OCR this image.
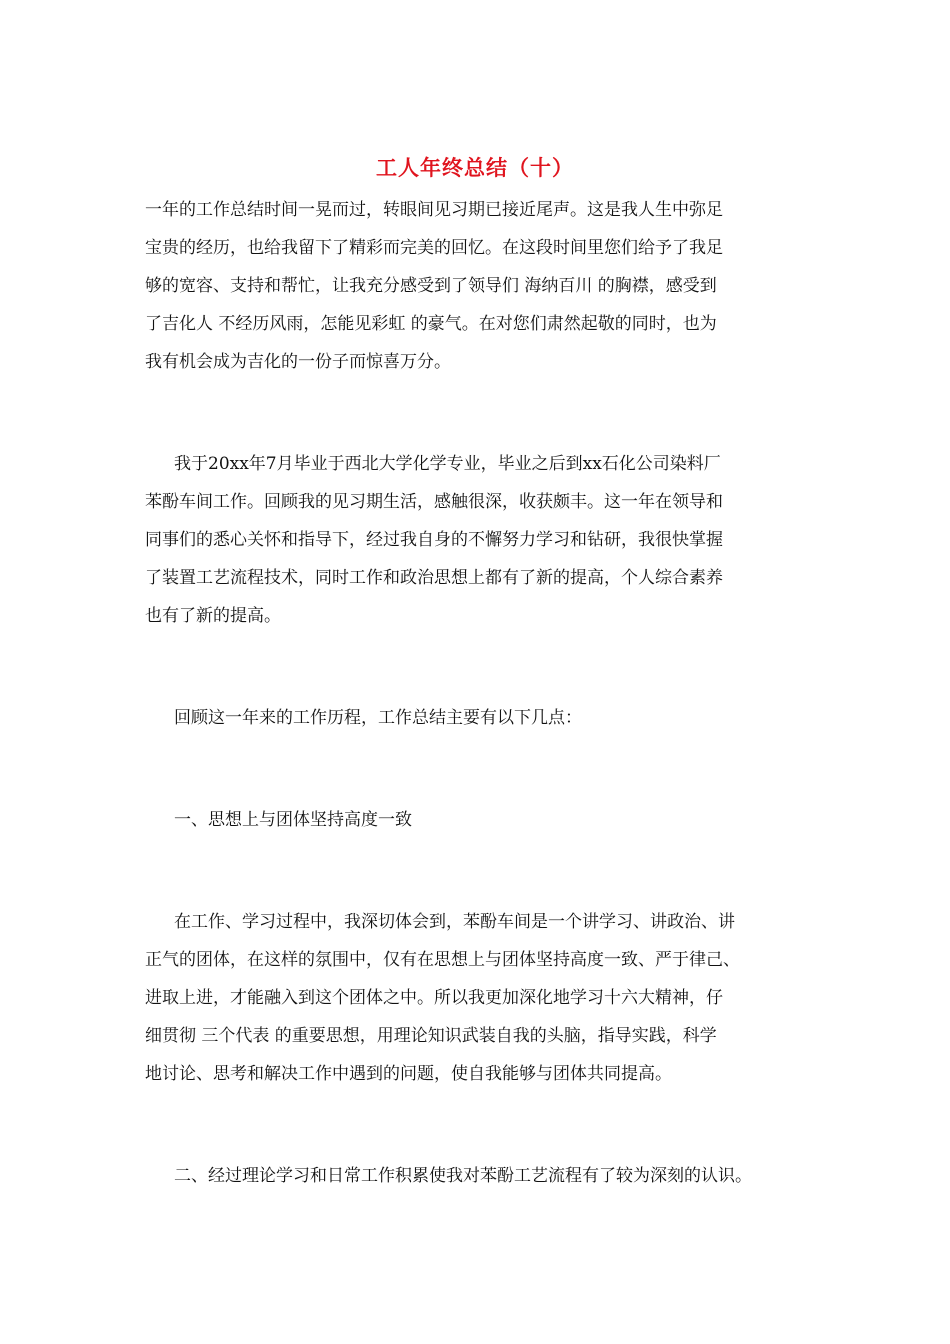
工人年终总结（十）
一年的工作总结时间一晃而过，转眼间见习期已接近尾声。这是我人生中弥足
宝贵的经历，也给我留下了精彩而完美的回忆。在这段时间里您们给予了我足
够的宽容、支持和帮忙，让我充分感受到了领导们 海纳百川 的胸襟，感受到
了吉化人 不经历风雨，怎能见彩虹 的豪气。在对您们肃然起敬的同时，也为
我有机会成为吉化的一份子而惊喜万分。
我于20xx年7月毕业于西北大学化学专业，毕业之后到xx石化公司染料厂
苯酚车间工作。回顾我的见习期生活，感触很深，收获颇丰。这一年在领导和
同事们的悉心关怀和指导下，经过我自身的不懈努力学习和钻研，我很快掌握
了装置工艺流程技术，同时工作和政治思想上都有了新的提高，个人综合素养
也有了新的提高。
回顾这一年来的工作历程，工作总结主要有以下几点：
一、思想上与团体坚持高度一致
在工作、学习过程中，我深切体会到，苯酚车间是一个讲学习、讲政治、讲
正气的团体，在这样的氛围中，仅有在思想上与团体坚持高度一致、严于律己、
进取上进，才能融入到这个团体之中。所以我更加深化地学习十六大精神，仔
细贯彻 三个代表 的重要思想，用理论知识武装自我的头脑，指导实践，科学
地讨论、思考和解决工作中遇到的问题，使自我能够与团体共同提高。
二、经过理论学习和日常工作积累使我对苯酚工艺流程有了较为深刻的认识。
